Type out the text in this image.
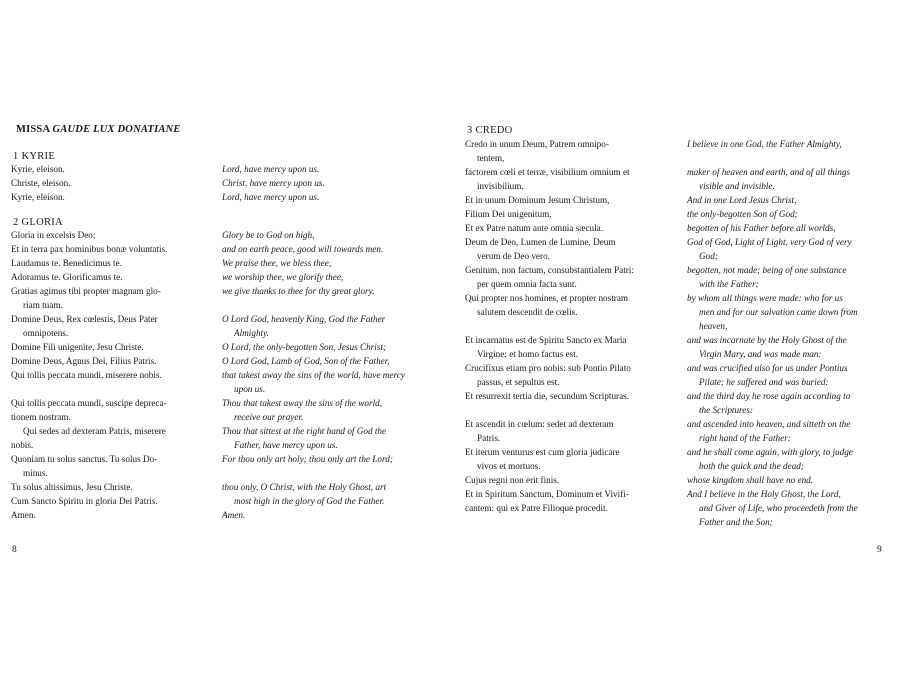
MISSA GAUDE LUX DONATIANE
1 KYRIE
2 GLORIA
Kyrie, eleison.
Christe, eleison.
Kyrie, eleison.
Gloria in excelsis Deo;
Et in terra pax hominibus bonæ voluntatis.
Laudamus te. Benedicimus te.
Adoramus te. Glorificamus te.
Gratias agimus tibi propter magnam glo-
riam tuam.
Domine Deus, Rex cœlestis, Deus Pater
omnipotens.
Domine Fili unigenite, Jesu Christe.
Domine Deus, Agnus Dei, Filius Patris.
Qui tollis peccata mundi, miserere nobis.
Qui tollis peccata mundi, suscipe depreca-
tionem nostram.
Qui sedes ad dexteram Patris, miserere
nobis.
Quoniam tu solus sanctus. Tu solus Do-
minus.
Tu solus altissimus, Jesu Christe.
Cum Sancto Spiritu in gloria Dei Patris.
Amen.
Lord, have mercy upon us.
Christ, have mercy upon us.
Lord, have mercy upon us.
Glory be to God on high,
and on earth peace, good will towards men.
We praise thee, we bless thee,
we worship thee, we glorify thee,
we give thanks to thee for thy great glory.
O Lord God, heavenly King, God the Father
Almighty.
O Lord, the only-begotten Son, Jesus Christ;
O Lord God, Lamb of God, Son of the Father,
that takest away the sins of the world, have mercy
upon us.
Thou that takest away the sins of the world,
receive our prayer.
Thou that sittest at the right hand of God the
Father, have mercy upon us.
For thou only art holy; thou only art the Lord;
thou only, O Christ, with the Holy Ghost, art
most high in the glory of God the Father.
Amen.
8
3 CREDO
Credo in unum Deum, Patrem omnipo-
tentem,
factorem cœli et terræ, visibilium omnium et
invisibilium.
Et in unum Dominum Jesum Christum,
Filium Dei unigenitum,
Et ex Patre natum ante omnia sæcula.
Deum de Deo, Lumen de Lumine, Deum
verum de Deo vero.
Genitum, non factum, consubstantialem Patri:
per quem omnia facta sunt.
Qui propter nos homines, et propter nostram
salutem descendit de cœlis.
Et incarnatus est de Spiritu Sancto ex Maria
Virgine: et homo factus est.
Crucifixus etiam pro nobis: sub Pontio Pilato
passus, et sepultus est.
Et resurrexit tertia die, secundum Scripturas.
Et ascendit in cœlum: sedet ad dexteram
Patris.
Et iterum venturus est cum gloria judicare
vivos et mortuos.
Cujus regni non erit finis.
Et in Spiritum Sanctum, Dominum et Vivifi-
cantem: qui ex Patre Filioque procedit.
I believe in one God, the Father Almighty,
maker of heaven and earth, and of all things
visible and invisible.
And in one Lord Jesus Christ,
the only-begotten Son of God;
begotten of his Father before all worlds,
God of God, Light of Light, very God of very
God;
begotten, not made; being of one substance
with the Father;
by whom all things were made: who for us
men and for our salvation came down from
heaven,
and was incarnate by the Holy Ghost of the
Virgin Mary, and was made man:
and was crucified also for us under Pontius
Pilate; he suffered and was buried:
and the third day he rose again according to
the Scriptures:
and ascended into heaven, and sitteth on the
right hand of the Father:
and he shall come again, with glory, to judge
both the quick and the dead;
whose kingdom shall have no end.
And I believe in the Holy Ghost, the Lord,
and Giver of Life, who proceedeth from the
Father and the Son;
9
